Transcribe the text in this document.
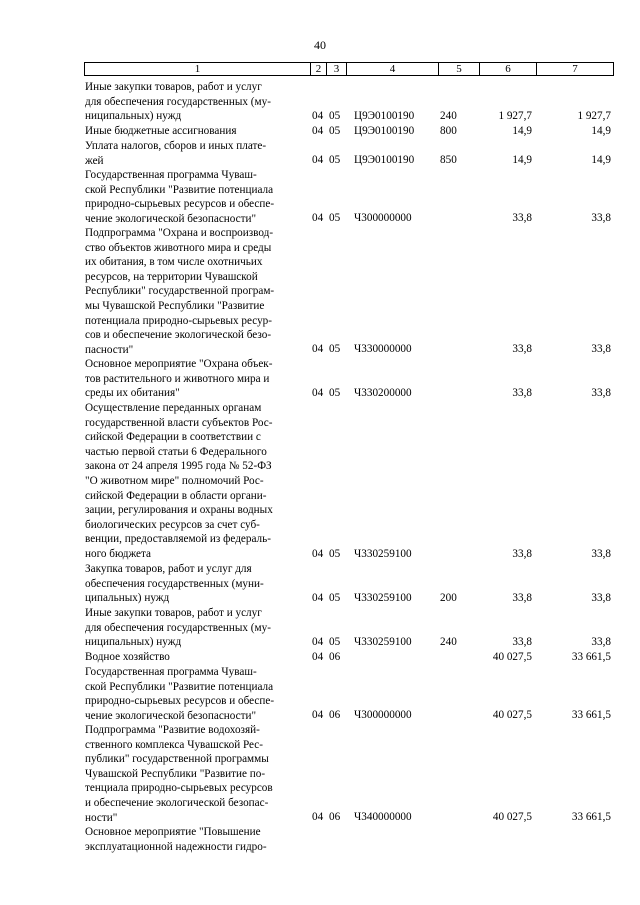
40
1	2	3	4	5	6	7
Иные закупки товаров, работ и услуг
для обеспечения государственных (му-
ниципальных) нужд	04 05 Ц9Э0100190 240	1 927,7	1 927,7
Иные бюджетные ассигнования	04 05 Ц9Э0100190 800	14,9	14,9
Уплата налогов, сборов и иных плате-
жей	04 05 Ц9Э0100190 850	14,9	14,9
Государственная программа Чуваш-
ской Республики "Развитие потенциала
природно-сырьевых ресурсов и обеспе-
чение экологической безопасности"	04 05 Ч300000000	33,8	33,8
Подпрограмма "Охрана и воспроизвод-
ство объектов животного мира и среды
их обитания, в том числе охотничьих
ресурсов, на территории Чувашской
Республики" государственной програм-
мы Чувашской Республики "Развитие
потенциала природно-сырьевых ресур-
сов и обеспечение экологической безо-
пасности"	04 05 Ч330000000	33,8	33,8
Основное мероприятие "Охрана объек-
тов растительного и животного мира и
среды их обитания"	04 05 Ч330200000	33,8	33,8
Осуществление переданных органам
государственной власти субъектов Рос-
сийской Федерации в соответствии с
частью первой статьи 6 Федерального
закона от 24 апреля 1995 года № 52-ФЗ
"О животном мире" полномочий Рос-
сийской Федерации в области органи-
зации, регулирования и охраны водных
биологических ресурсов за счет суб-
венции, предоставляемой из федераль-
ного бюджета	04 05 Ч330259100	33,8	33,8
Закупка товаров, работ и услуг для
обеспечения государственных (муни-
ципальных) нужд	04 05 Ч330259100	200	33,8	33,8
Иные закупки товаров, работ и услуг
для обеспечения государственных (му-
ниципальных) нужд	04 05 Ч330259100	240	33,8	33,8
Водное хозяйство	04 06	40 027,5	33 661,5
Государственная программа Чуваш-
ской Республики "Развитие потенциала
природно-сырьевых ресурсов и обеспе-
чение экологической безопасности"	04 06 Ч300000000	40 027,5	33 661,5
Подпрограмма "Развитие водохозяй-
ственного комплекса Чувашской Рес-
публики" государственной программы
Чувашской Республики "Развитие по-
тенциала природно-сырьевых ресурсов
и обеспечение экологической безопас-
ности"	04 06 Ч340000000	40 027,5	33 661,5
Основное мероприятие "Повышение
эксплуатационной надежности гидро-
